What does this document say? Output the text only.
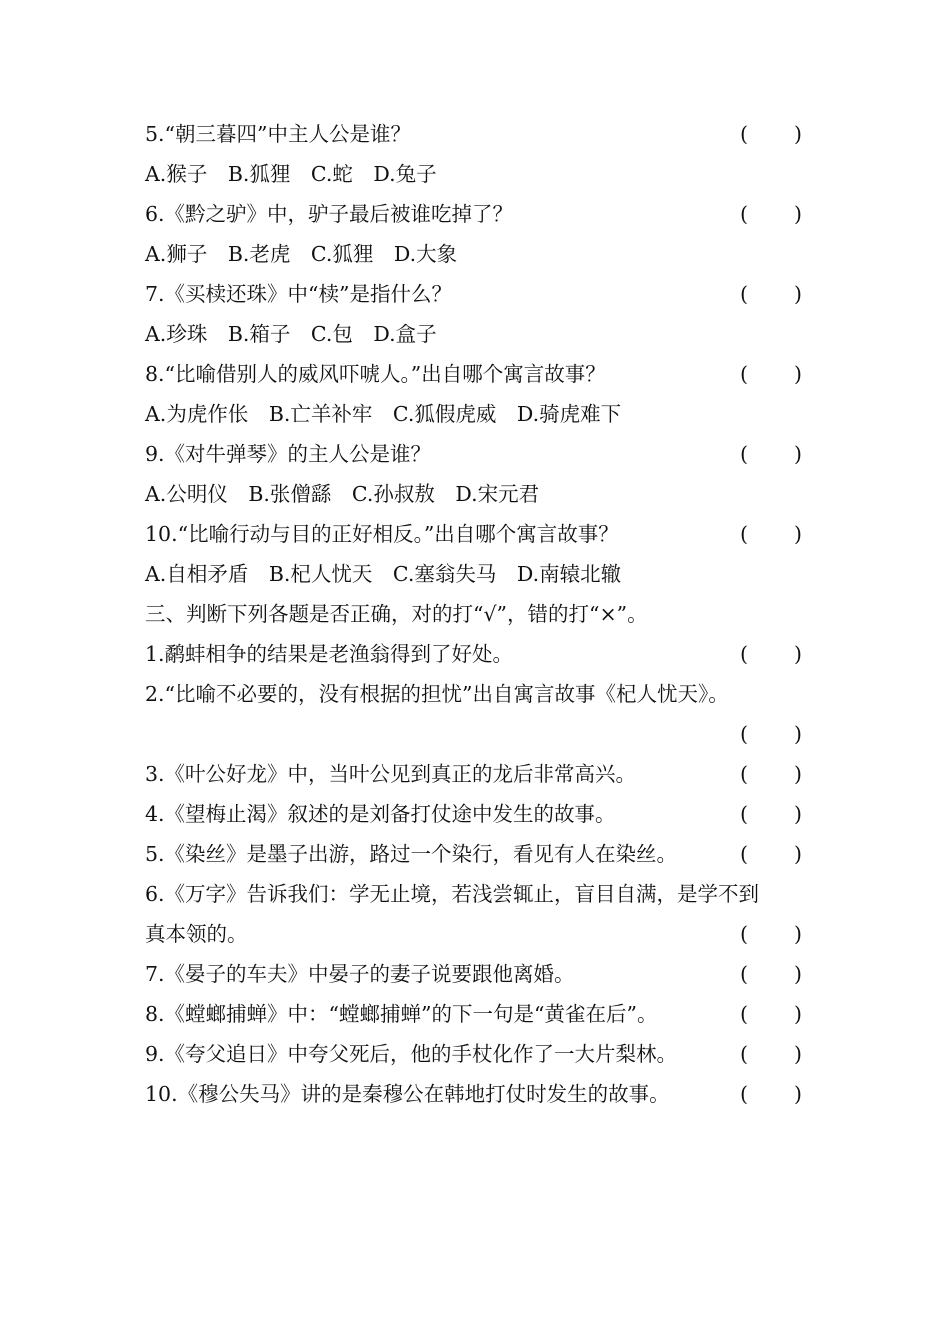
5.“朝三暮四”中主人公是谁？	( )
A.猴子　B.狐狸　C.蛇　D.兔子
6.《黔之驴》中，驴子最后被谁吃掉了？	( )
A.狮子　B.老虎　C.狐狸　D.大象
7.《买椟还珠》中“椟”是指什么？	( )
A.珍珠　B.箱子　C.包　D.盒子
8.“比喻借别人的威风吓唬人。”出自哪个寓言故事？	( )
A.为虎作伥　B.亡羊补牢　C.狐假虎威　D.骑虎难下
9.《对牛弹琴》的主人公是谁？	( )
A.公明仪　B.张僧繇　C.孙叔敖　D.宋元君
10.“比喻行动与目的正好相反。”出自哪个寓言故事？	( )
A.自相矛盾　B.杞人忧天　C.塞翁失马　D.南辕北辙
三、判断下列各题是否正确，对的打“√”，错的打“×”。
1.鹬蚌相争的结果是老渔翁得到了好处。	( )
2.“比喻不必要的，没有根据的担忧”出自寓言故事《杞人忧天》。
( )
3.《叶公好龙》中，当叶公见到真正的龙后非常高兴。	( )
4.《望梅止渴》叙述的是刘备打仗途中发生的故事。	( )
5.《染丝》是墨子出游，路过一个染行，看见有人在染丝。	( )
6.《万字》告诉我们：学无止境，若浅尝辄止，盲目自满，是学不到
真本领的。	( )
7.《晏子的车夫》中晏子的妻子说要跟他离婚。	( )
8.《螳螂捕蝉》中：“螳螂捕蝉”的下一句是“黄雀在后”。	( )
9.《夸父追日》中夸父死后，他的手杖化作了一大片梨林。	( )
10.《穆公失马》讲的是秦穆公在韩地打仗时发生的故事。	( )
